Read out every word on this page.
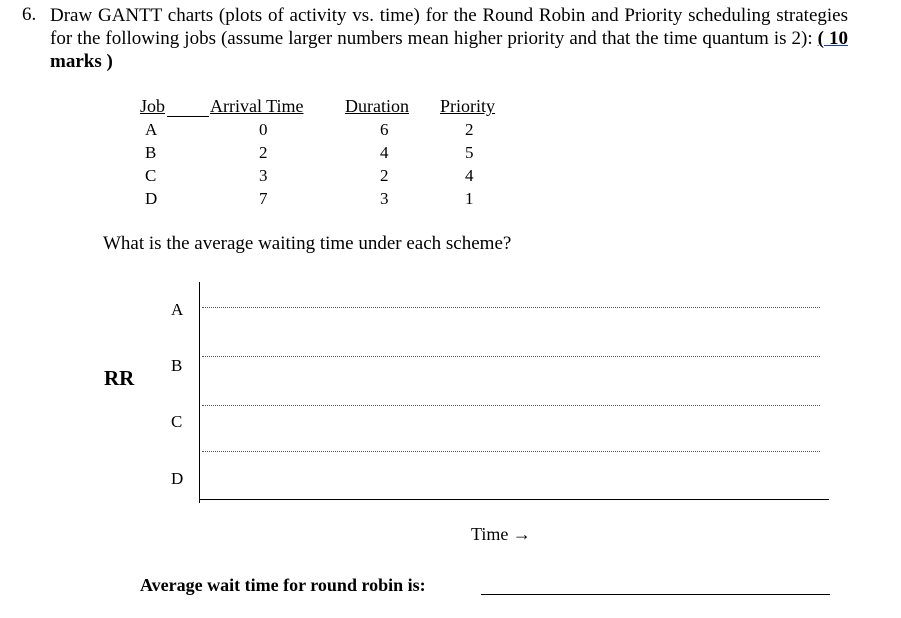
6. Draw GANTT charts (plots of activity vs. time) for the Round Robin and Priority scheduling strategies for the following jobs (assume larger numbers mean higher priority and that the time quantum is 2): ( 10 marks )
Job Arrival Time Duration Priority
A	0	6	2
B	2	4	5
C	3	2	4
D	7	3	1
What is the average waiting time under each scheme?
RR
A
B
C
D
Time →
Average wait time for round robin is:
